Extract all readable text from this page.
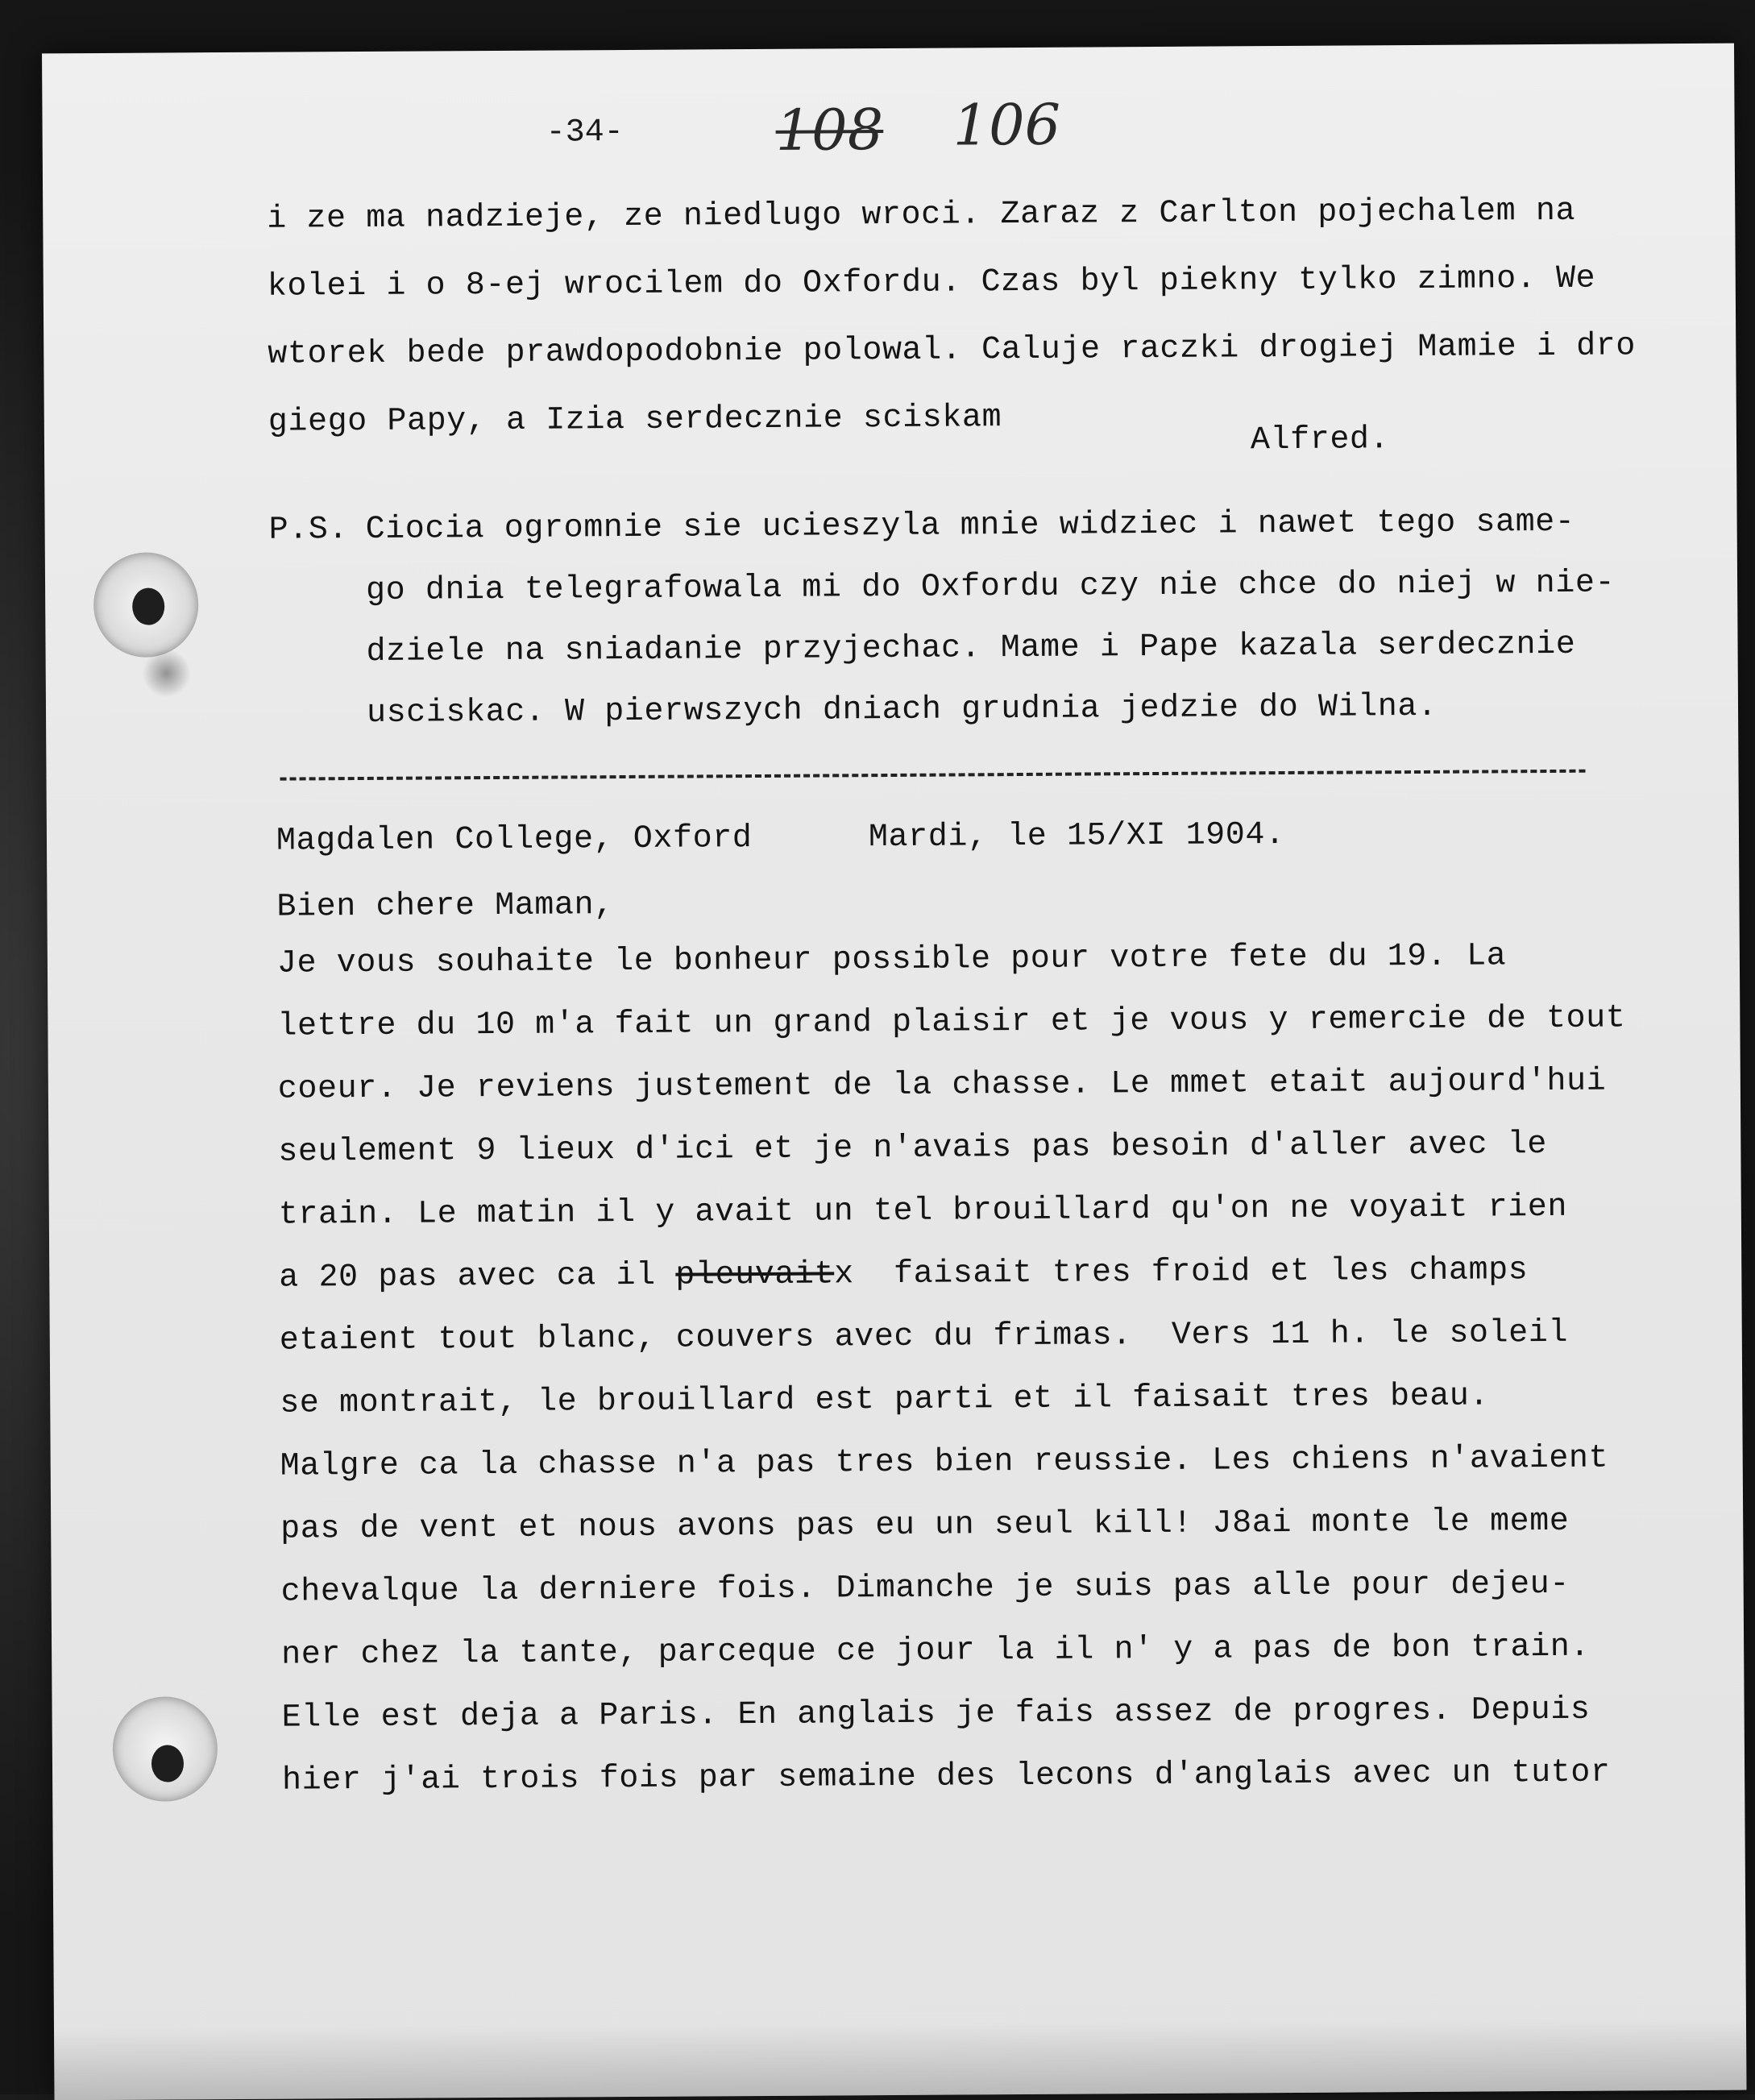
-34-	108 106
i ze ma nadzieje, ze niedlugo wroci. Zaraz z Carlton pojechalem na
kolei i o 8-ej wrocilem do Oxfordu. Czas byl piekny tylko zimno. We
wtorek bede prawdopodobnie polowal. Caluje raczki drogiej Mamie i dro
giego Papy, a Izia serdecznie sciskam	Alfred.
P.S. Ciocia ogromnie sie ucieszyla mnie widziec i nawet tego same-
go dnia telegrafowala mi do Oxfordu czy nie chce do niej w nie-
dziele na sniadanie przyjechac. Mame i Pape kazala serdecznie
usciskac. W pierwszych dniach grudnia jedzie do Wilna.
Magdalen College, Oxford	Mardi, le 15/XI 1904.
Bien chere Maman,
Je vous souhaite le bonheur possible pour votre fete du 19. La
lettre du 10 m'a fait un grand plaisir et je vous y remercie de tout
coeur. Je reviens justement de la chasse. Le mmet etait aujourd'hui
seulement 9 lieux d'ici et je n'avais pas besoin d'aller avec le
train. Le matin il y avait un tel brouillard qu'on ne voyait rien
a 20 pas avec ca il pleuvaitx  faisait tres froid et les champs
etaient tout blanc, couvers avec du frimas.  Vers 11 h. le soleil
se montrait, le brouillard est parti et il faisait tres beau.
Malgre ca la chasse n'a pas tres bien reussie. Les chiens n'avaient
pas de vent et nous avons pas eu un seul kill! J8ai monte le meme
chevalque la derniere fois. Dimanche je suis pas alle pour dejeu-
ner chez la tante, parceque ce jour la il n' y a pas de bon train.
Elle est deja a Paris. En anglais je fais assez de progres. Depuis
hier j'ai trois fois par semaine des lecons d'anglais avec un tutor
